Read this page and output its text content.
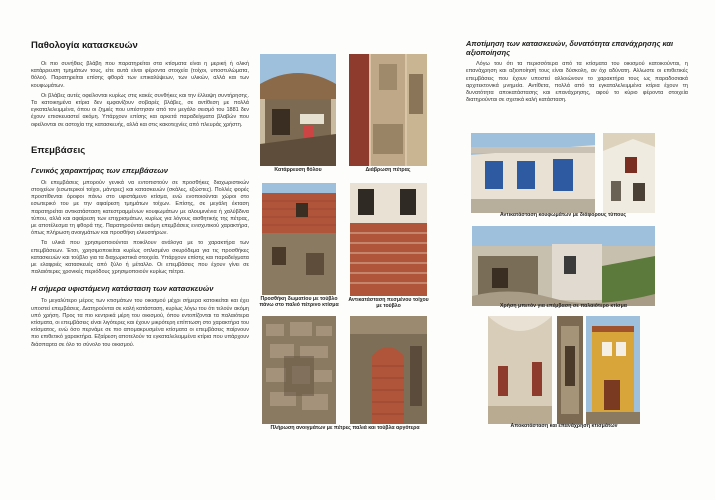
Παθολογία κατασκευών
Οι πιο συνήθεις βλάβη που παρατηρείται στα κτίσματα είναι η μερική ή ολική κατάρρευση τμημάτων τους, είτε αυτά είναι φέροντα στοιχεία (τοίχοι, υποστυλώματα, θόλοι). Παρατηρείται επίσης φθορά των επικαλύψεων, των υλικών, αλλά και των κουφωμάτων.
Οι βλάβες αυτές οφείλονται κυρίως στις κακές συνθήκες και την έλλειψη συντήρησης. Τα κατοικημένα κτίρια δεν εμφανίζουν σοβαρές βλάβες, σε αντίθεση με πολλά εγκαταλελειμμένα, όπου οι ζημιές που υπέστησαν από τον μεγάλο σεισμό του 1881 δεν έχουν επισκευαστεί ακόμη. Υπάρχουν επίσης και αρκετά παραδείγματα βλαβών που οφείλονται σε αστοχία της κατασκευής, αλλά και στις κακοτεχνίες από πλευράς χρήστη.
Επεμβάσεις
Γενικός χαρακτήρας των επεμβάσεων
Οι επεμβάσεις μπορούν γενικά να εντοπιστούν σε προσθήκες διαχωριστικών στοιχείων (εσωτερικοί τοίχοι, μάντρες) και κατασκευών (σκάλες, εξώστες). Πολλές φορές προστίθενται όροφοι πάνω στο υφιστάμενο κτίσμα, ενώ ενοποιούνται χώροι στο εσωτερικό του με την αφαίρεση τμημάτων τοίχων. Επίσης, σε μεγάλη έκταση παρατηρείται αντικατάσταση κατεστραμμένων κουφωμάτων με αλουμινένια ή χαλύβδινα τύπου, αλλά και αφαίρεση των επιχρισμάτων, κυρίως για λόγους αισθητικής της πέτρας, με αποτέλεσμα τη φθορά της. Παρατηρούνται ακόμη επεμβάσεις ενισχυτικού χαρακτήρα, όπως πλήρωση ανοιγμάτων και προσθήκη ελκυστήρων.
Τα υλικά που χρησιμοποιούνται ποικίλουν ανάλογα με το χαρακτήρα των επεμβάσεων. Έτσι, χρησιμοποιείται κυρίως οπλισμένο σκυρόδεμα για τις προσθήκες κατασκευών και τούβλο για τα διαχωριστικά στοιχεία. Υπάρχουν επίσης και παραδείγματα με ελαφριές κατασκευές από ξύλο ή μέταλλο. Οι επεμβάσεις που έχουν γίνει σε παλαιότερες χρονικές περιόδους χρησιμοποιούν κυρίως πέτρα.
Η σήμερα υφιστάμενη κατάσταση των κατασκευών
Το μεγαλύτερο μέρος των κτισμάτων του οικισμού μέχρι σήμερα κατοικείται και έχει υποστεί επεμβάσεις. Διατηρούνται σε καλή κατάσταση, κυρίως λόγω του ότι τελούν ακόμη υπό χρήση. Προς τα πιο κεντρικά μέρη του οικισμού, όπου εντοπίζονται τα παλαιότερα κτίσματα, οι επεμβάσεις είναι λιγότερες και έχουν μικρότερη επίπτωση στο χαρακτήρα του κτίσματος, ενώ όσο περνάμε σε πιο απομακρυσμένα κτίσματα οι επεμβάσεις παίρνουν πιο επιθετικό χαρακτήρα. Εξαίρεση αποτελούν τα εγκαταλελειμμένα κτίρια που υπάρχουν διάσπαρτα σε όλο το σύνολο του οικισμού.
Κατάρρευση θόλου	Διάβρωση πέτρας
Προσθήκη δωματίου με τούβλο πάνω στο παλιό πέτρινο κτίσμα
Αντικατάσταση πεσμένου τοίχου με τούβλο
Πλήρωση ανοιγμάτων με πέτρες παλιά και τούβλα αργότερα
Αποτίμηση των κατασκευών, δυνατότητα επανάχρησης και αξιοποίησης
Λόγω του ότι τα περισσότερα από τα κτίσματα του οικισμού κατοικούνται, η επανάχρηση και αξιοποίησή τους είναι δύσκολη, αν όχι αδύνατη. Αλλωστε οι επιθετικές επεμβάσεις που έχουν υποστεί αλλοιώνουν το χαρακτήρα τους ως παραδοσιακά αρχιτεκτονικά μνημεία. Αντίθετα, πολλά από τα εγκαταλελειμμένα κτίρια έχουν τη δυνατότητα αποκατάστασης και επανάχρησης, αφού το κύριο φέροντα στοιχεία διατηρούνται σε σχετικά καλή κατάσταση.
Αντικατάσταση κουφωμάτων με διάφορους τύπους
Χρήση μπετόν για επέμβαση σε παλαιότερο κτίσμα
Αποκατάσταση και επανάχρηση κτισμάτων
